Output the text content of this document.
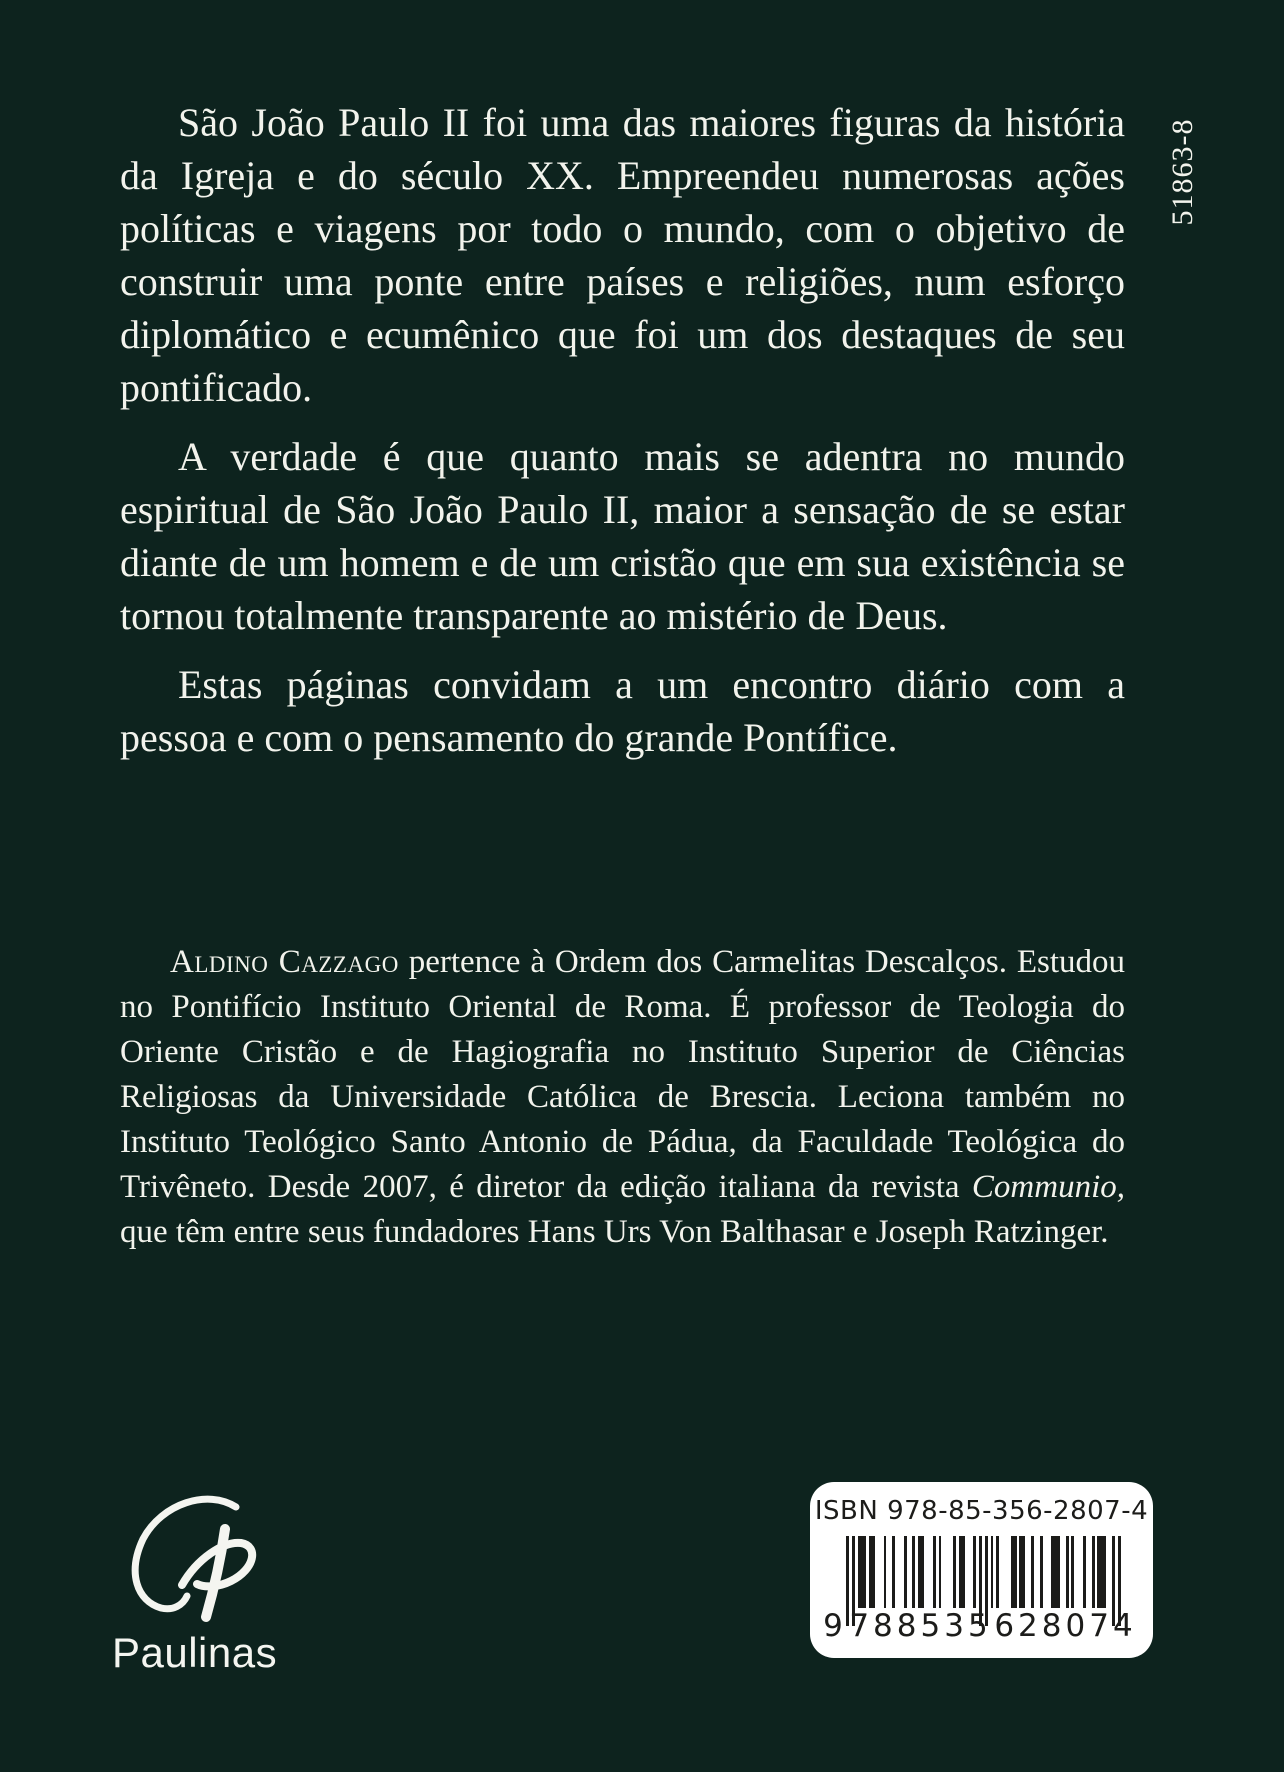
51863-8

São João Paulo II foi uma das maiores figuras da história da Igreja e do século XX. Empreendeu numerosas ações políticas e viagens por todo o mundo, com o objetivo de construir uma ponte entre países e religiões, num esforço diplomático e ecumênico que foi um dos destaques de seu pontificado.

A verdade é que quanto mais se adentra no mundo espiritual de São João Paulo II, maior a sensação de se estar diante de um homem e de um cristão que em sua existência se tornou totalmente transparente ao mistério de Deus.

Estas páginas convidam a um encontro diário com a pessoa e com o pensamento do grande Pontífice.

Aldino Cazzago pertence à Ordem dos Carmelitas Descalços. Estudou no Pontifício Instituto Oriental de Roma. É professor de Teologia do Oriente Cristão e de Hagiografia no Instituto Superior de Ciências Religiosas da Universidade Católica de Brescia. Leciona também no Instituto Teológico Santo Antonio de Pádua, da Faculdade Teológica do Trivêneto. Desde 2007, é diretor da edição italiana da revista Communio, que têm entre seus fundadores Hans Urs Von Balthasar e Joseph Ratzinger.

Paulinas
ISBN 978-85-356-2807-4
9 788535 628074
